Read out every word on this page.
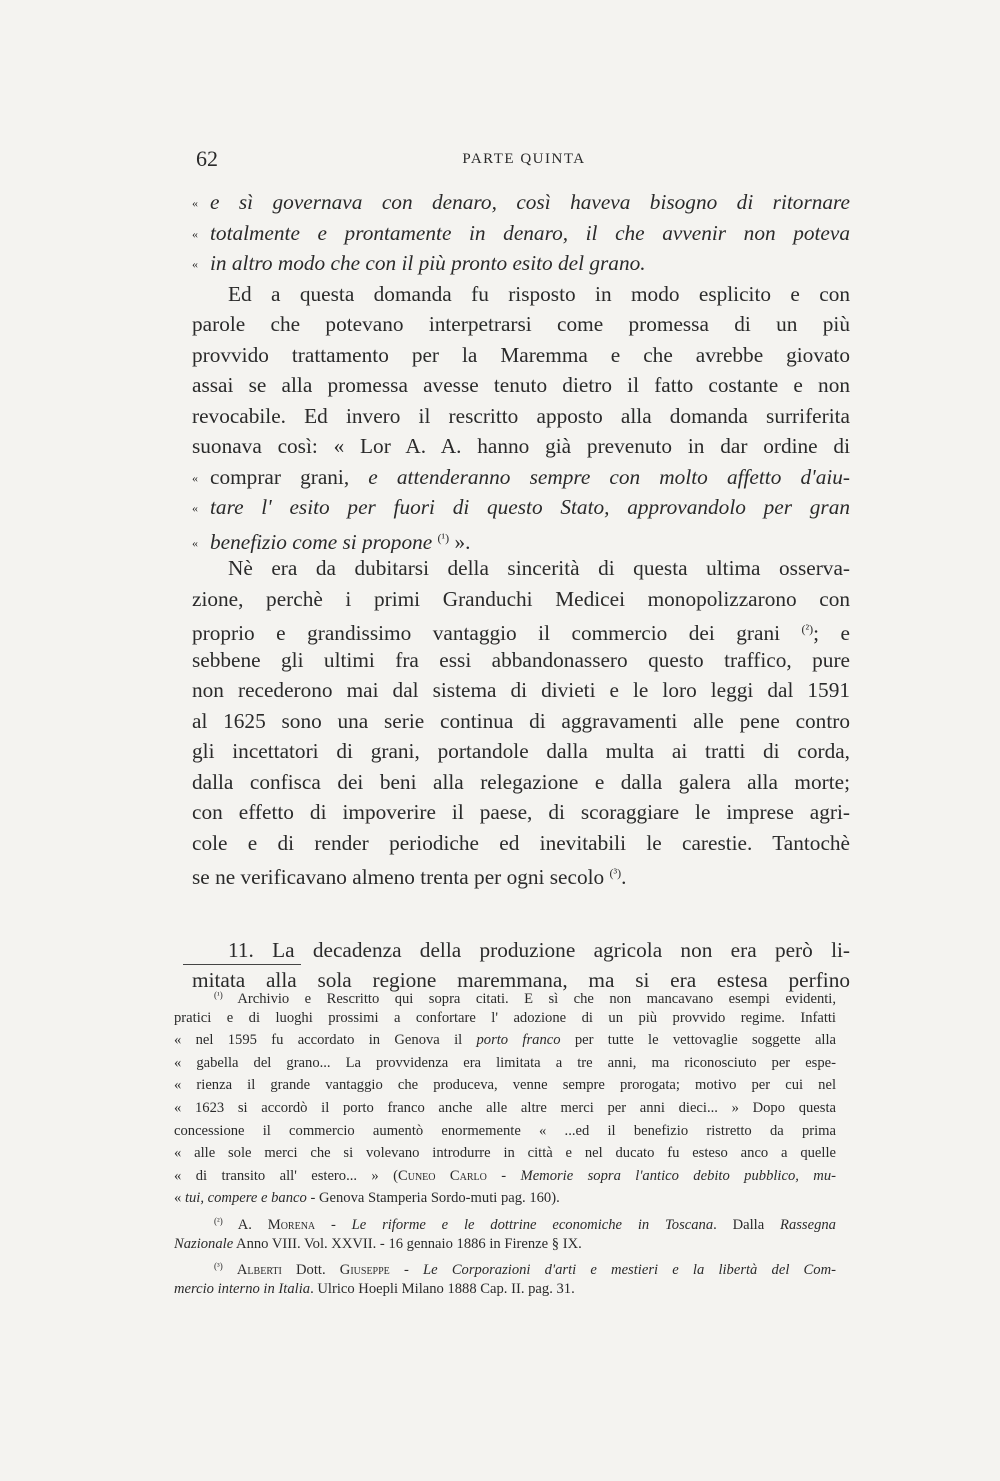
62	PARTE QUINTA
« e sì governava con denaro, così haveva bisogno di ritornare
« totalmente e prontamente in denaro, il che avvenir non poteva
« in altro modo che con il più pronto esito del grano.
Ed a questa domanda fu risposto in modo esplicito e con
parole che potevano interpetrarsi come promessa di un più
provvido trattamento per la Maremma e che avrebbe giovato
assai se alla promessa avesse tenuto dietro il fatto costante e non
revocabile. Ed invero il rescritto apposto alla domanda surriferita
suonava così: « Lor A. A. hanno già prevenuto in dar ordine di
« comprar grani, e attenderanno sempre con molto affetto d'aiu-
« tare l' esito per fuori di questo Stato, approvandolo per gran
« benefizio come si propone $^{(^1)}$ ».
Nè era da dubitarsi della sincerità di questa ultima osserva-
zione, perchè i primi Granduchi Medicei monopolizzarono con
proprio e grandissimo vantaggio il commercio dei grani $^{(^2)}$; e
sebbene gli ultimi fra essi abbandonassero questo traffico, pure
non recederono mai dal sistema di divieti e le loro leggi dal 1591
al 1625 sono una serie continua di aggravamenti alle pene contro
gli incettatori di grani, portandole dalla multa ai tratti di corda,
dalla confisca dei beni alla relegazione e dalla galera alla morte;
con effetto di impoverire il paese, di scoraggiare le imprese agri-
cole e di render periodiche ed inevitabili le carestie. Tantochè
se ne verificavano almeno trenta per ogni secolo $^{(^3)}$.
11. La decadenza della produzione agricola non era però li-
mitata alla sola regione maremmana, ma si era estesa perfino
$^{(^1)}$ Archivio e Rescritto qui sopra citati. E sì che non mancavano esempi evidenti,
pratici e di luoghi prossimi a confortare l' adozione di un più provvido regime. Infatti
« nel 1595 fu accordato in Genova il porto franco per tutte le vettovaglie soggette alla
« gabella del grano... La provvidenza era limitata a tre anni, ma riconosciuto per espe-
« rienza il grande vantaggio che produceva, venne sempre prorogata; motivo per cui nel
« 1623 si accordò il porto franco anche alle altre merci per anni dieci... » Dopo questa
concessione il commercio aumentò enormemente « ...ed il benefizio ristretto da prima
« alle sole merci che si volevano introdurre in città e nel ducato fu esteso anco a quelle
« di transito all' estero... » (Cuneo Carlo - Memorie sopra l'antico debito pubblico, mu-
« tui, compere e banco - Genova Stamperia Sordo-muti pag. 160).
$^{(^2)}$ A. Morena - Le riforme e le dottrine economiche in Toscana. Dalla Rassegna
Nazionale Anno VIII. Vol. XXVII. - 16 gennaio 1886 in Firenze § IX.
$^{(^3)}$ Alberti Dott. Giuseppe - Le Corporazioni d'arti e mestieri e la libertà del Com-
mercio interno in Italia. Ulrico Hoepli Milano 1888 Cap. II. pag. 31.
